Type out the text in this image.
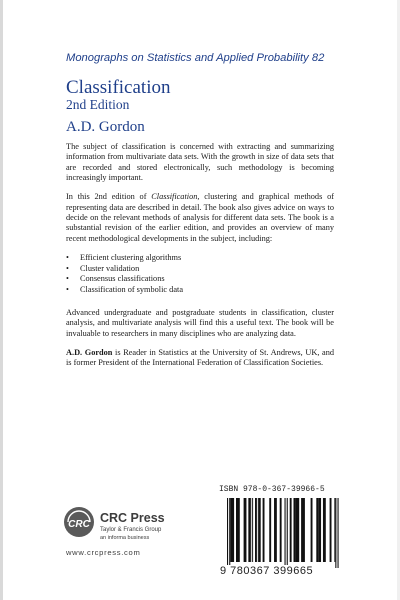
Monographs on Statistics and Applied Probability 82
Classification
2nd Edition
A.D. Gordon

The subject of classification is concerned with extracting and summarizing information from multivariate data sets. With the growth in size of data sets that are recorded and stored electronically, such methodology is becoming increasingly important.

In this 2nd edition of Classification, clustering and graphical methods of representing data are described in detail. The book also gives advice on ways to decide on the relevant methods of analysis for different data sets. The book is a substantial revision of the earlier edition, and provides an overview of many recent methodological developments in the subject, including:

• Efficient clustering algorithms
• Cluster validation
• Consensus classifications
• Classification of symbolic data

Advanced undergraduate and postgraduate students in classification, cluster analysis, and multivariate analysis will find this a useful text. The book will be invaluable to researchers in many disciplines who are analyzing data.

A.D. Gordon is Reader in Statistics at the University of St. Andrews, UK, and is former President of the International Federation of Classification Societies.

CRC CRC Press
Taylor & Francis Group
an informa business
www.crcpress.com
ISBN 978-0-367-39966-5
9 780367 399665
